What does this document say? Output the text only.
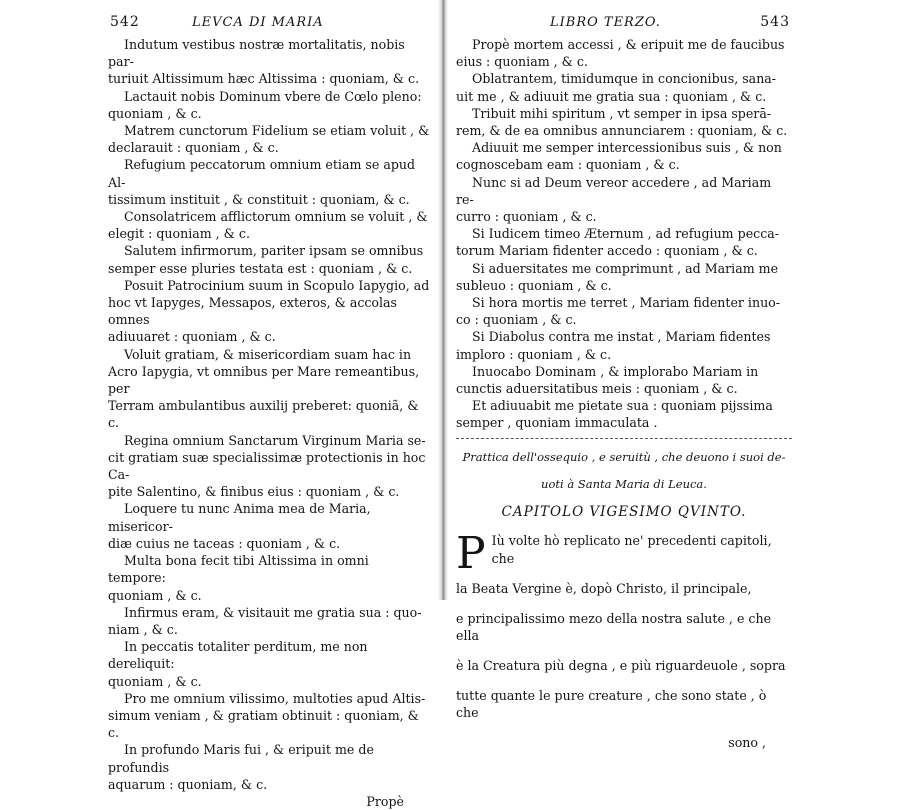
542	LEVCA DI MARIA

Indutum vestibus nostræ mortalitatis, nobis par-

turiuit Altissimum hæc Altissima : quoniam, & c.

Lactauit nobis Dominum vbere de Cœlo pleno:

quoniam , & c.

Matrem cunctorum Fidelium se etiam voluit , &

declarauit : quoniam , & c.

Refugium peccatorum omnium etiam se apud Al-

tissimum instituit , & constituit : quoniam, & c.

Consolatricem afflictorum omnium se voluit , &

elegit : quoniam , & c.

Salutem infirmorum, pariter ipsam se omnibus

semper esse pluries testata est : quoniam , & c.

Posuit Patrocinium suum in Scopulo Iapygio, ad

hoc vt Iapyges, Messapos, exteros, & accolas omnes

adiuuaret : quoniam , & c.

Voluit gratiam, & misericordiam suam hac in

Acro Iapygia, vt omnibus per Mare remeantibus, per

Terram ambulantibus auxilij preberet: quoniã, & c.

Regina omnium Sanctarum Virginum Maria se-

cit gratiam suæ specialissimæ protectionis in hoc Ca-

pite Salentino, & finibus eius : quoniam , & c.

Loquere tu nunc Anima mea de Maria, misericor-

diæ cuius ne taceas : quoniam , & c.

Multa bona fecit tibi Altissima in omni tempore:

quoniam , & c.

Infirmus eram, & visitauit me gratia sua : quo-

niam , & c.

In peccatis totaliter perditum, me non dereliquit:

quoniam , & c.

Pro me omnium vilissimo, multoties apud Altis-

simum veniam , & gratiam obtinuit : quoniam, & c.

In profundo Maris fui , & eripuit me de profundis

aquarum : quoniam, & c.

Propè
LIBRO TERZO.	543

Propè mortem accessi , & eripuit me de faucibus

eius : quoniam , & c.

Oblatrantem, timidumque in concionibus, sana-

uit me , & adiuuit me gratia sua : quoniam , & c.

Tribuit mihi spiritum , vt semper in ipsa sperā-

rem, & de ea omnibus annunciarem : quoniam, & c.

Adiuuit me semper intercessionibus suis , & non

cognoscebam eam : quoniam , & c.

Nunc si ad Deum vereor accedere , ad Mariam re-

curro : quoniam , & c.

Si Iudicem timeo Æternum , ad refugium pecca-

torum Mariam fidenter accedo : quoniam , & c.

Si aduersitates me comprimunt , ad Mariam me

subleuo : quoniam , & c.

Si hora mortis me terret , Mariam fidenter inuo-

co : quoniam , & c.

Si Diabolus contra me instat , Mariam fidentes

imploro : quoniam , & c.

Inuocabo Dominam , & implorabo Mariam in

cunctis aduersitatibus meis : quoniam , & c.

Et adiuuabit me pietate sua : quoniam pijssima

semper , quoniam immaculata .

Prattica dell'ossequio , e seruitù , che deuono i suoi de-

uoti à Santa Maria di Leuca.

CAPITOLO VIGESIMO QVINTO.
P Iù volte hò replicato ne' precedenti capitoli, che

la Beata Vergine è, dopò Christo, il principale,

e principalissimo mezo della nostra salute , e che ella

è la Creatura più degna , e più riguardeuole , sopra

tutte quante le pure creature , che sono state , ò che

sono ,
